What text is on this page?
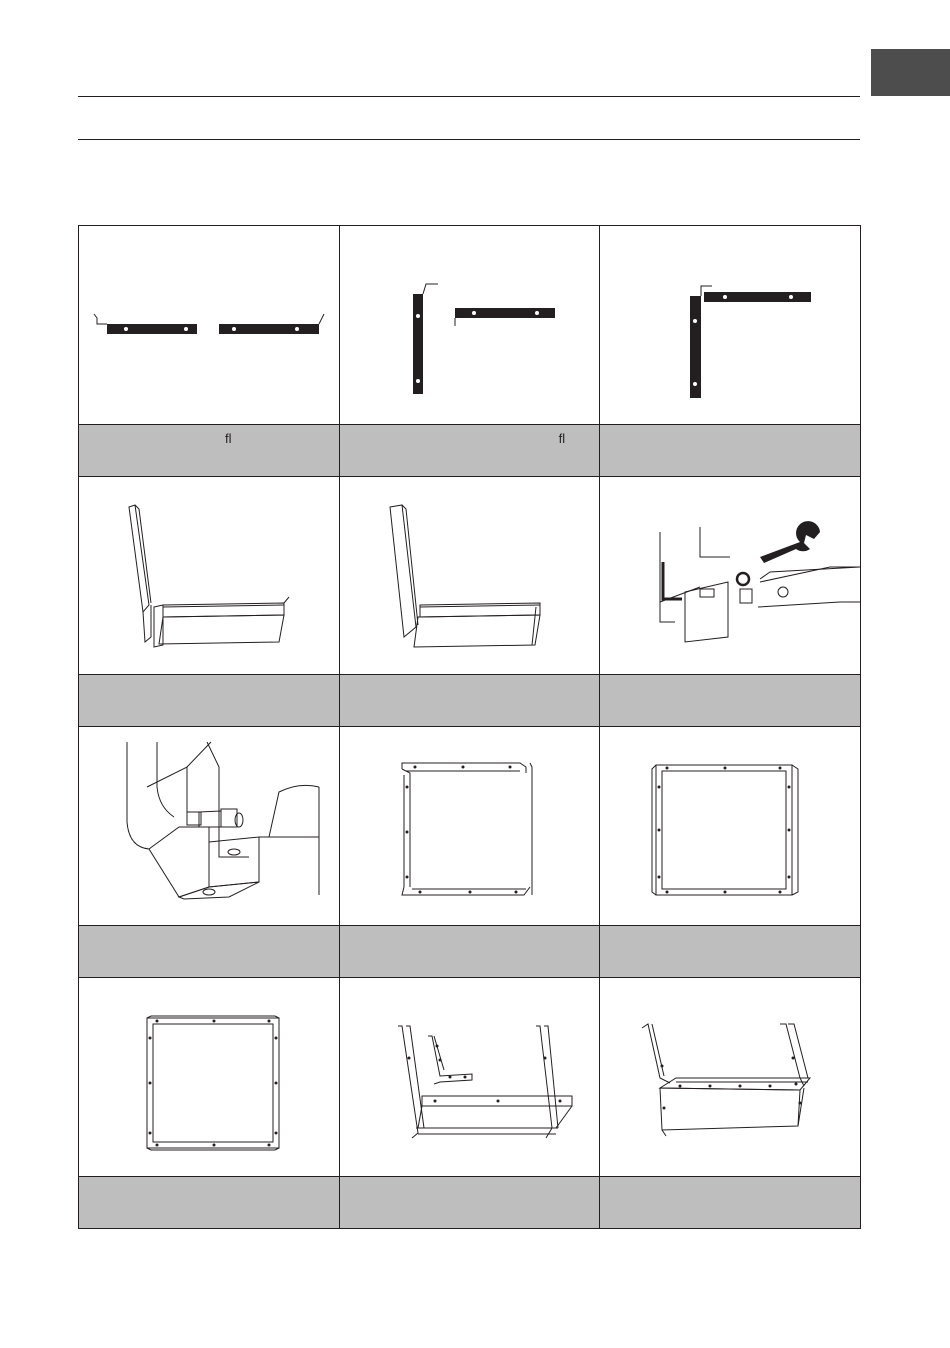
fl	fl	
